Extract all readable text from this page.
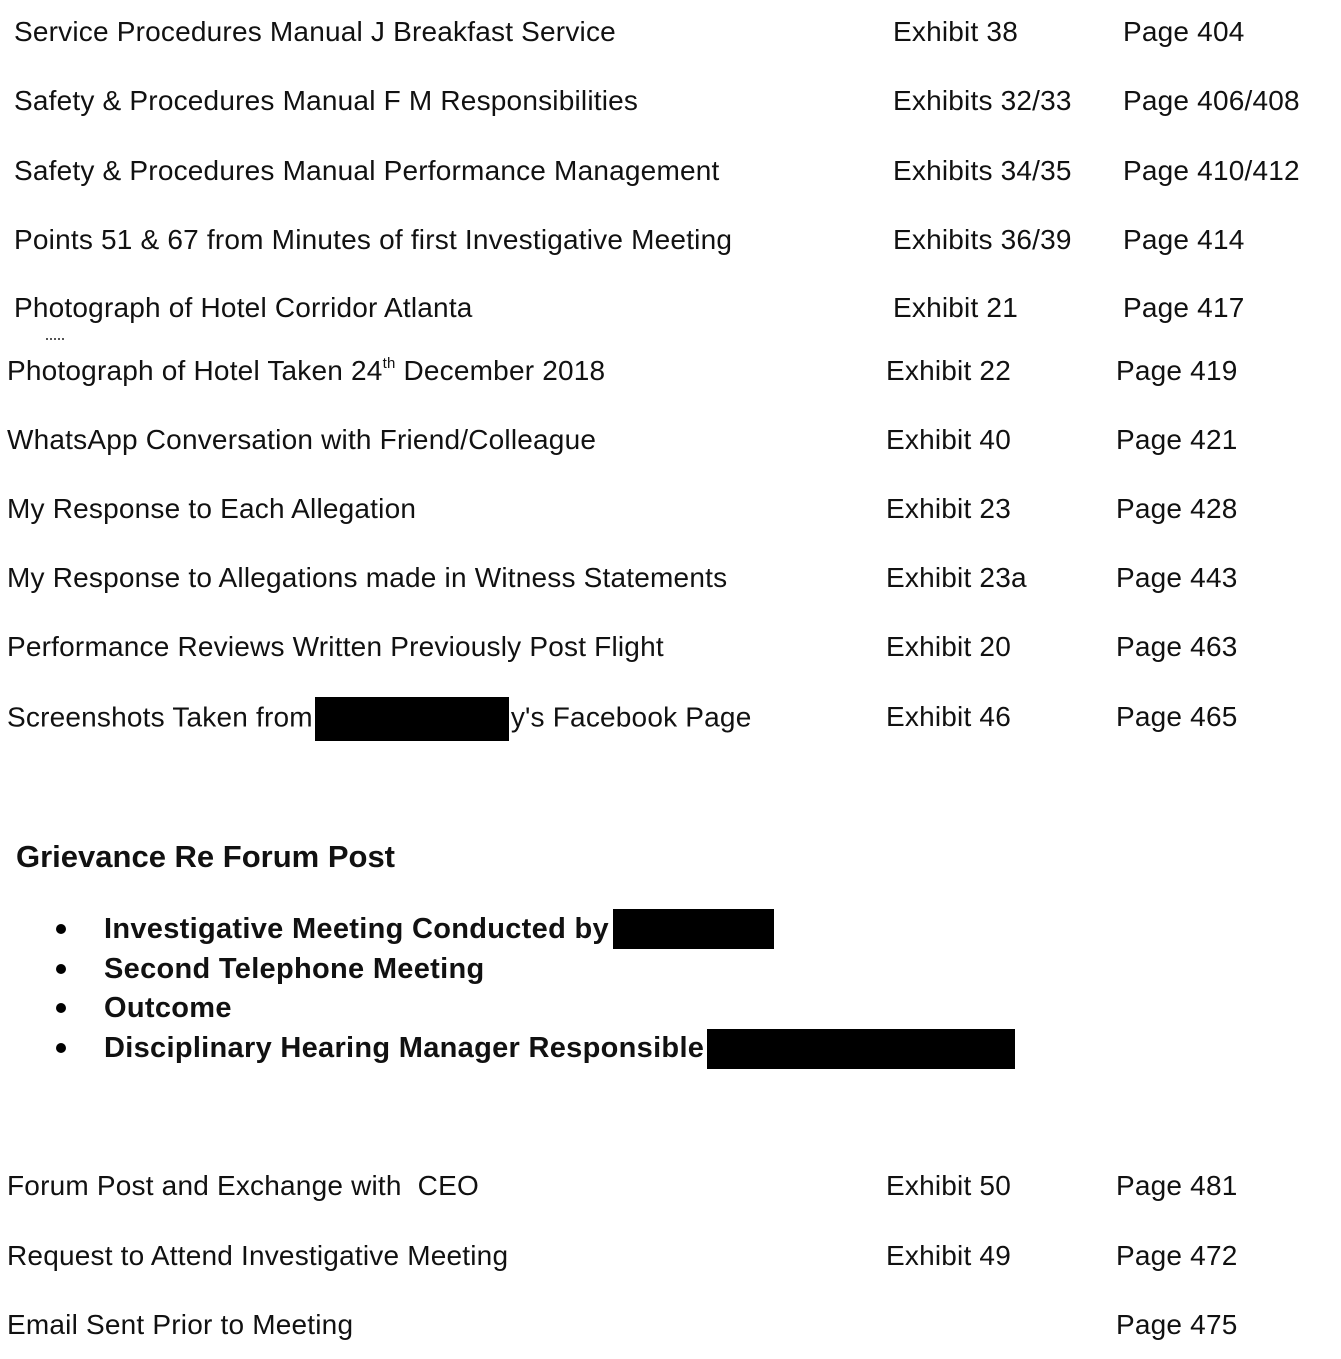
Service Procedures Manual J Breakfast Service	Exhibit 38	Page 404
Safety & Procedures Manual F M Responsibilities	Exhibits 32/33 Page 406/408
Safety & Procedures Manual Performance Management	Exhibits 34/35 Page 410/412
Points 51 & 67 from Minutes of first Investigative Meeting	Exhibits 36/39 Page 414
Photograph of Hotel Corridor Atlanta	Exhibit 21	Page 417
Photograph of Hotel Taken 24th December 2018	Exhibit 22	Page 419
WhatsApp Conversation with Friend/Colleague	Exhibit 40	Page 421
My Response to Each Allegation	Exhibit 23	Page 428
My Response to Allegations made in Witness Statements	Exhibit 23a	Page 443
Performance Reviews Written Previously Post Flight	Exhibit 20	Page 463
Screenshots Taken from	y's Facebook Page	Exhibit 46	Page 465
Grievance Re Forum Post
Investigative Meeting Conducted by
Second Telephone Meeting
Outcome
Disciplinary Hearing Manager Responsible
Forum Post and Exchange with  CEO	Exhibit 50	Page 481
Request to Attend Investigative Meeting	Exhibit 49	Page 472
Email Sent Prior to Meeting	Page 475
